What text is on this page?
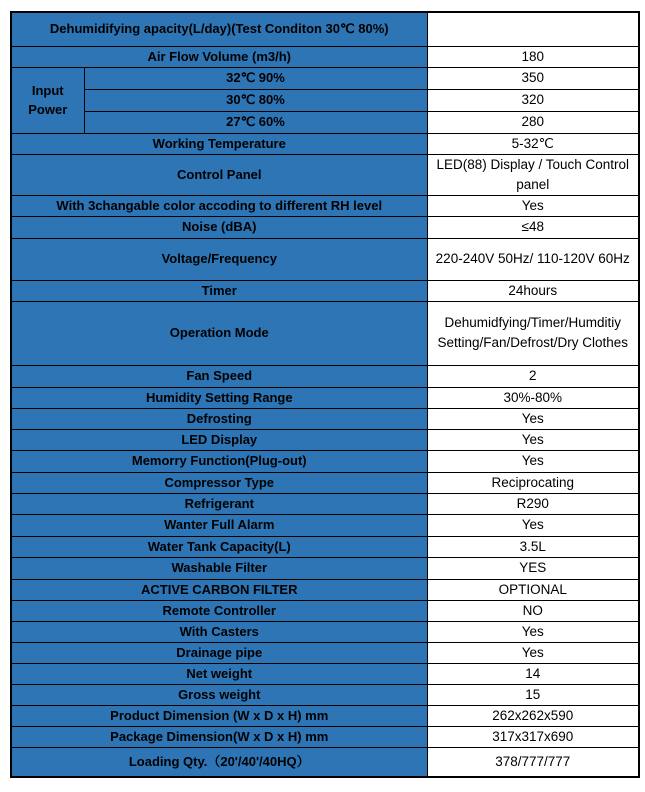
Dehumidifying apacity(L/day)(Test Conditon 30℃ 80%)		
Air Flow Volume (m3/h)		180
Input Power	32℃ 90%	350
	30℃ 80%	320
	27℃ 60%	280
Working Temperature		5-32℃
Control Panel		LED(88) Display / Touch Control panel
With 3changable color accoding to different RH level		Yes
Noise (dBA)		≤48
Voltage/Frequency		220-240V 50Hz/ 110-120V 60Hz
Timer		24hours
Operation Mode		Dehumidfying/Timer/Humditiy Setting/Fan/Defrost/Dry Clothes
Fan Speed		2
Humidity Setting Range		30%-80%
Defrosting		Yes
LED Display		Yes
Memorry Function(Plug-out)		Yes
Compressor Type		Reciprocating
Refrigerant		R290
Wanter Full Alarm		Yes
Water Tank Capacity(L)		3.5L
Washable Filter		YES
ACTIVE CARBON FILTER		OPTIONAL
Remote Controller		NO
With Casters		Yes
Drainage pipe		Yes
Net weight		14
Gross weight		15
Product Dimension (W x D x H) mm		262x262x590
Package Dimension(W x D x H) mm		317x317x690
Loading Qty.（20'/40'/40HQ）		378/777/777
